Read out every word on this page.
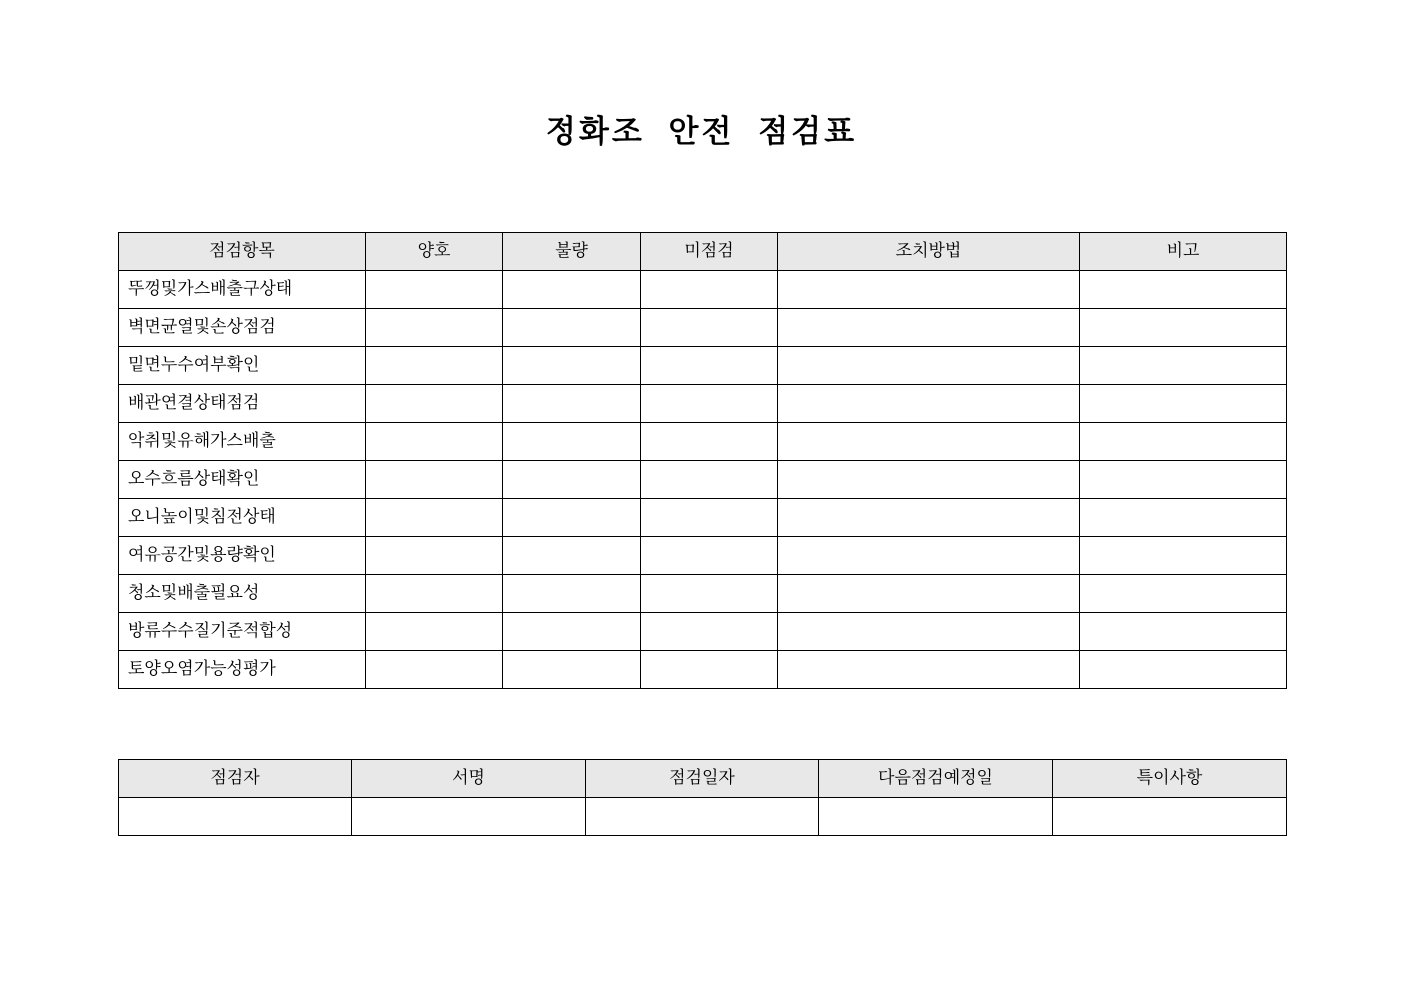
정화조 안전 점검표
점검항목	양호	불량	미점검	조치방법	비고
뚜껑및가스배출구상태					
벽면균열및손상점검					
밑면누수여부확인					
배관연결상태점검					
악취및유해가스배출					
오수흐름상태확인					
오니높이및침전상태					
여유공간및용량확인					
청소및배출필요성					
방류수수질기준적합성					
토양오염가능성평가					
점검자	서명	점검일자	다음점검예정일	특이사항
